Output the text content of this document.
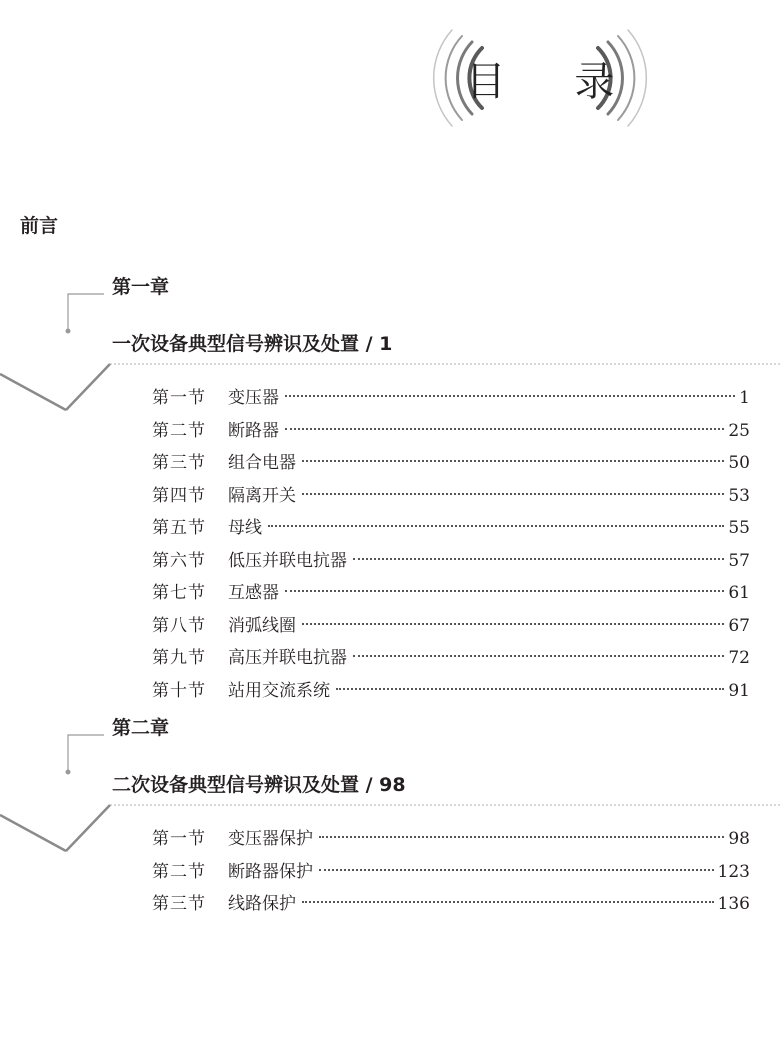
目 录
前言
第一章
一次设备典型信号辨识及处置 / 1
第一节	变压器	1
第二节	断路器	25
第三节	组合电器	50
第四节	隔离开关	53
第五节	母线	55
第六节	低压并联电抗器	57
第七节	互感器	61
第八节	消弧线圈	67
第九节	高压并联电抗器	72
第十节	站用交流系统	91
第二章
二次设备典型信号辨识及处置 / 98
第一节	变压器保护	98
第二节	断路器保护	123
第三节	线路保护	136
